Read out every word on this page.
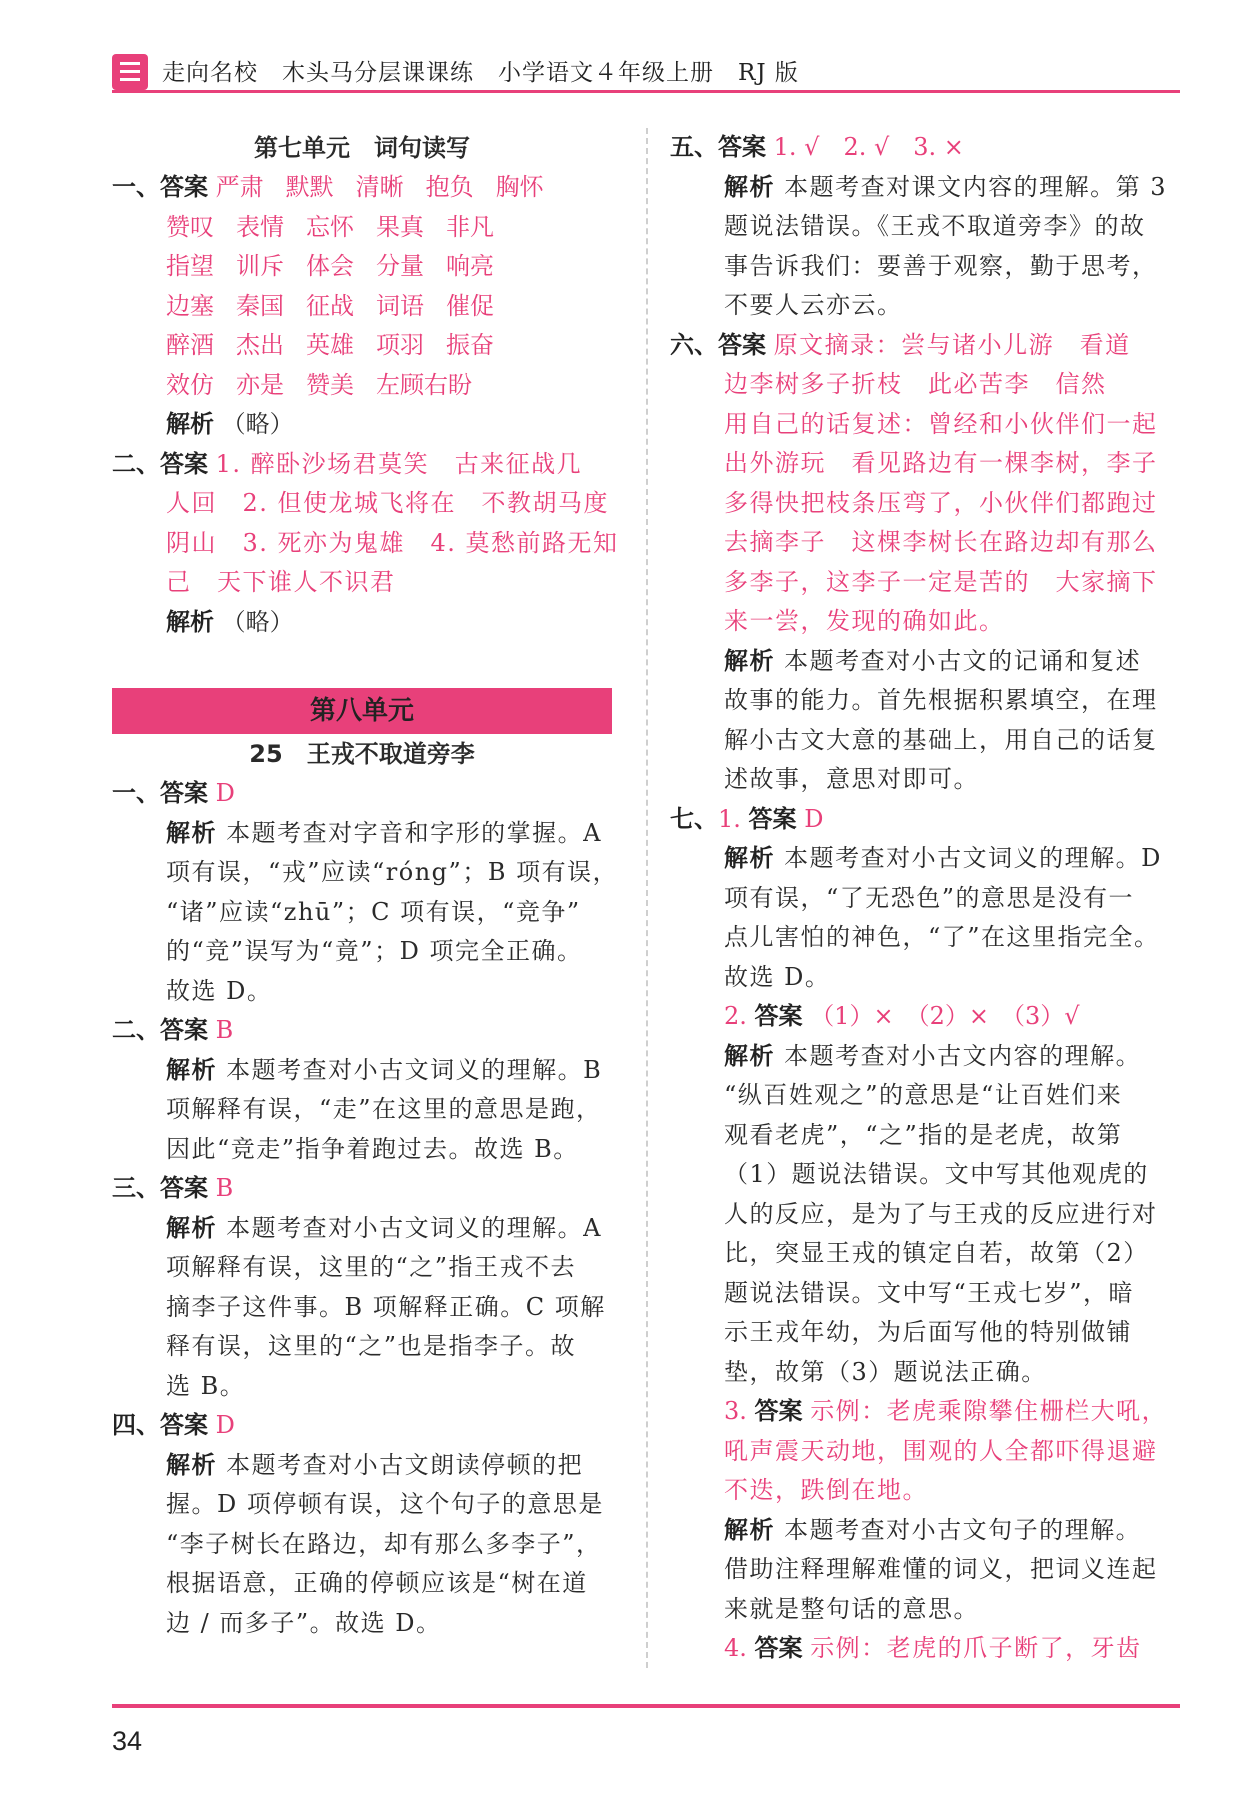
走向名校　木头马分层课课练　小学语文４年级上册　RJ 版
第七单元　词句读写
一、答案 严肃 默默 清晰 抱负 胸怀
赞叹 表情 忘怀 果真 非凡
指望 训斥 体会 分量 响亮
边塞 秦国 征战 词语 催促
醉酒 杰出 英雄 项羽 振奋
效仿 亦是 赞美 左顾右盼
解析 （略）
二、答案 1. 醉卧沙场君莫笑　古来征战几
人回　2. 但使龙城飞将在　不教胡马度
阴山　3. 死亦为鬼雄　4. 莫愁前路无知
己　天下谁人不识君
解析 （略）
第八单元
25　王戎不取道旁李
一、答案 D
解析 本题考查对字音和字形的掌握。A
项有误，“戎”应读“róng”；B 项有误，
“诸”应读“zhū”；C 项有误，“竞争”
的“竞”误写为“竟”；D 项完全正确。
故选 D。
二、答案 B
解析 本题考查对小古文词义的理解。B
项解释有误，“走”在这里的意思是跑，
因此“竞走”指争着跑过去。故选 B。
三、答案 B
解析 本题考查对小古文词义的理解。A
项解释有误，这里的“之”指王戎不去
摘李子这件事。B 项解释正确。C 项解
释有误，这里的“之”也是指李子。故
选 B。
四、答案 D
解析 本题考查对小古文朗读停顿的把
握。D 项停顿有误，这个句子的意思是
“李子树长在路边，却有那么多李子”，
根据语意，正确的停顿应该是“树在道
边 / 而多子”。故选 D。
五、答案 1. √　2. √　3. ×
解析 本题考查对课文内容的理解。第 3
题说法错误。《王戎不取道旁李》的故
事告诉我们：要善于观察，勤于思考，
不要人云亦云。
六、答案 原文摘录：尝与诸小儿游　看道
边李树多子折枝　此必苦李　信然
用自己的话复述：曾经和小伙伴们一起
出外游玩　看见路边有一棵李树，李子
多得快把枝条压弯了，小伙伴们都跑过
去摘李子　这棵李树长在路边却有那么
多李子，这李子一定是苦的　大家摘下
来一尝，发现的确如此。
解析 本题考查对小古文的记诵和复述
故事的能力。首先根据积累填空，在理
解小古文大意的基础上，用自己的话复
述故事，意思对即可。
七、1. 答案 D
解析 本题考查对小古文词义的理解。D
项有误，“了无恐色”的意思是没有一
点儿害怕的神色，“了”在这里指完全。
故选 D。
2. 答案 （1）×　（2）×　（3）√
解析 本题考查对小古文内容的理解。
“纵百姓观之”的意思是“让百姓们来
观看老虎”，“之”指的是老虎，故第
（1）题说法错误。文中写其他观虎的
人的反应，是为了与王戎的反应进行对
比，突显王戎的镇定自若，故第（2）
题说法错误。文中写“王戎七岁”，暗
示王戎年幼，为后面写他的特别做铺
垫，故第（3）题说法正确。
3. 答案 示例：老虎乘隙攀住栅栏大吼，
吼声震天动地，围观的人全都吓得退避
不迭，跌倒在地。
解析 本题考查对小古文句子的理解。
借助注释理解难懂的词义，把词义连起
来就是整句话的意思。
4. 答案 示例：老虎的爪子断了，牙齿
34
